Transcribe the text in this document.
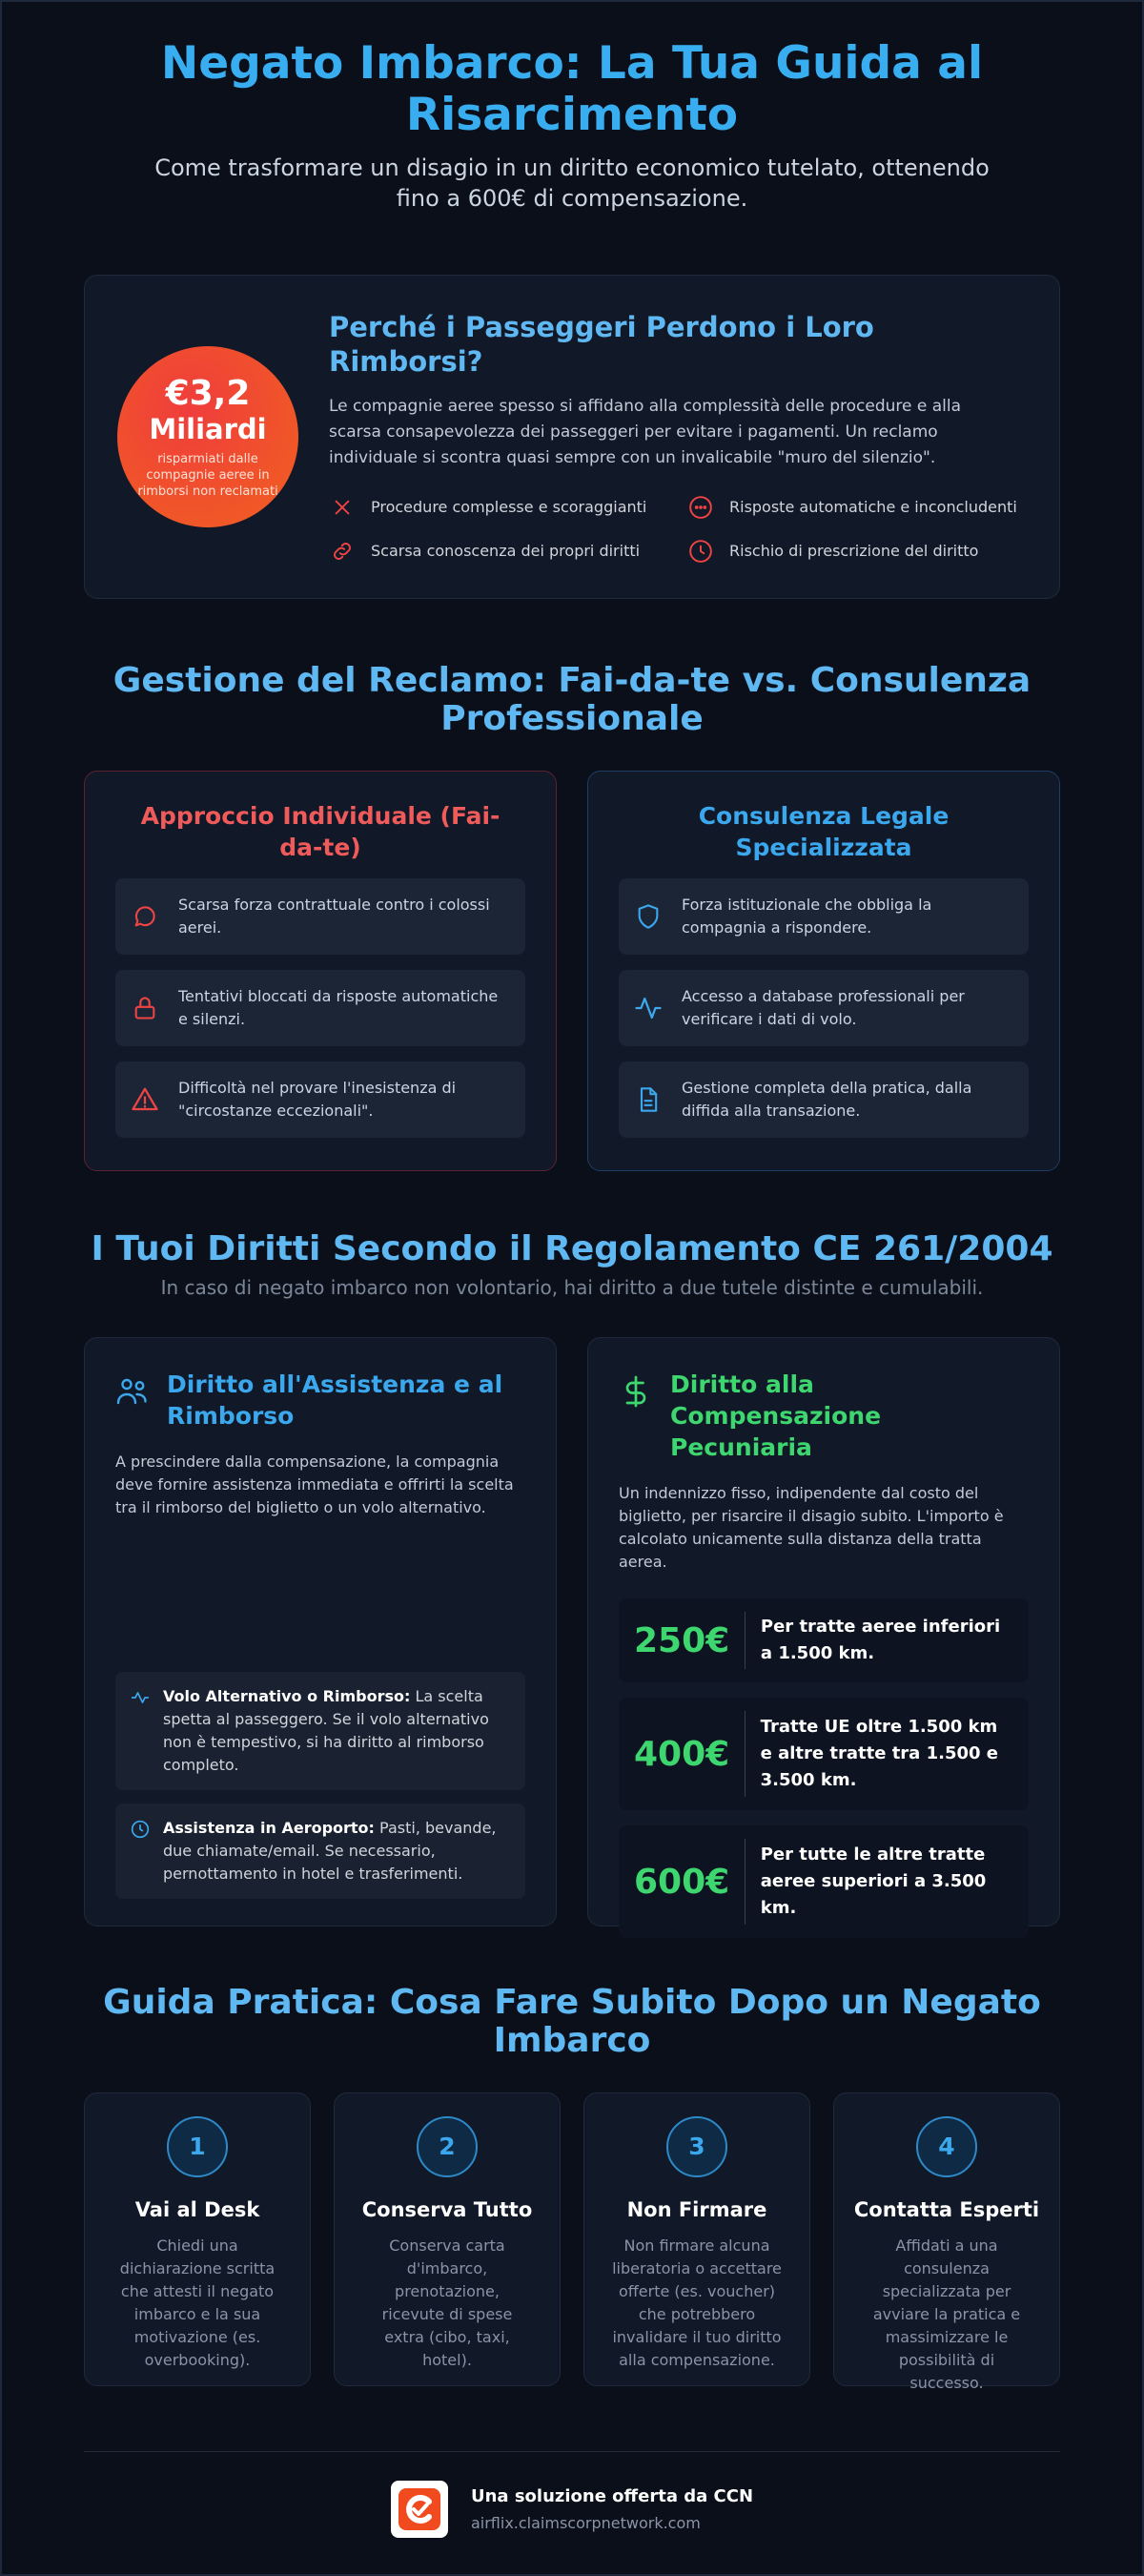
Negato Imbarco: La Tua Guida al Risarcimento

Come trasformare un disagio in un diritto economico tutelato, ottenendo fino a 600€ di compensazione.

€3,2
Miliardi
risparmiati dalle compagnie aeree in rimborsi non reclamati
Perché i Passeggeri Perdono i Loro Rimborsi?

Le compagnie aeree spesso si affidano alla complessità delle procedure e alla scarsa consapevolezza dei passeggeri per evitare i pagamenti. Un reclamo individuale si scontra quasi sempre con un invalicabile "muro del silenzio".

Procedure complesse e scoraggianti	Risposte automatiche e inconcludenti
Scarsa conoscenza dei propri diritti	Rischio di prescrizione del diritto
Gestione del Reclamo: Fai-da-te vs. Consulenza Professionale
Approccio Individuale (Fai-da-te)
Scarsa forza contrattuale contro i colossi aerei.
Tentativi bloccati da risposte automatiche e silenzi.
Difficoltà nel provare l'inesistenza di "circostanze eccezionali".
Consulenza Legale Specializzata
Forza istituzionale che obbliga la compagnia a rispondere.
Accesso a database professionali per verificare i dati di volo.
Gestione completa della pratica, dalla diffida alla transazione.
I Tuoi Diritti Secondo il Regolamento CE 261/2004

In caso di negato imbarco non volontario, hai diritto a due tutele distinte e cumulabili.

Diritto all'Assistenza e al Rimborso

A prescindere dalla compensazione, la compagnia deve fornire assistenza immediata e offrirti la scelta tra il rimborso del biglietto o un volo alternativo.

Volo Alternativo o Rimborso: La scelta spetta al passeggero. Se il volo alternativo non è tempestivo, si ha diritto al rimborso completo.
Assistenza in Aeroporto: Pasti, bevande, due chiamate/email. Se necessario, pernottamento in hotel e trasferimenti.
Diritto alla Compensazione Pecuniaria

Un indennizzo fisso, indipendente dal costo del biglietto, per risarcire il disagio subito. L'importo è calcolato unicamente sulla distanza della tratta aerea.

250€ Per tratte aeree inferiori a 1.500 km.
400€
Tratte UE oltre 1.500 km e altre tratte tra 1.500 e 3.500 km.
600€
Per tutte le altre tratte aeree superiori a 3.500 km.
Guida Pratica: Cosa Fare Subito Dopo un Negato Imbarco
1
Vai al Desk
Chiedi una dichiarazione scritta che attesti il negato imbarco e la sua motivazione (es. overbooking).
2
Conserva Tutto
Conserva carta d'imbarco, prenotazione, ricevute di spese extra (cibo, taxi, hotel).
3
Non Firmare
Non firmare alcuna liberatoria o accettare offerte (es. voucher) che potrebbero invalidare il tuo diritto alla compensazione.
4
Contatta Esperti
Affidati a una consulenza specializzata per avviare la pratica e massimizzare le possibilità di successo.
Una soluzione offerta da CCN
airflix.claimscorpnetwork.com
